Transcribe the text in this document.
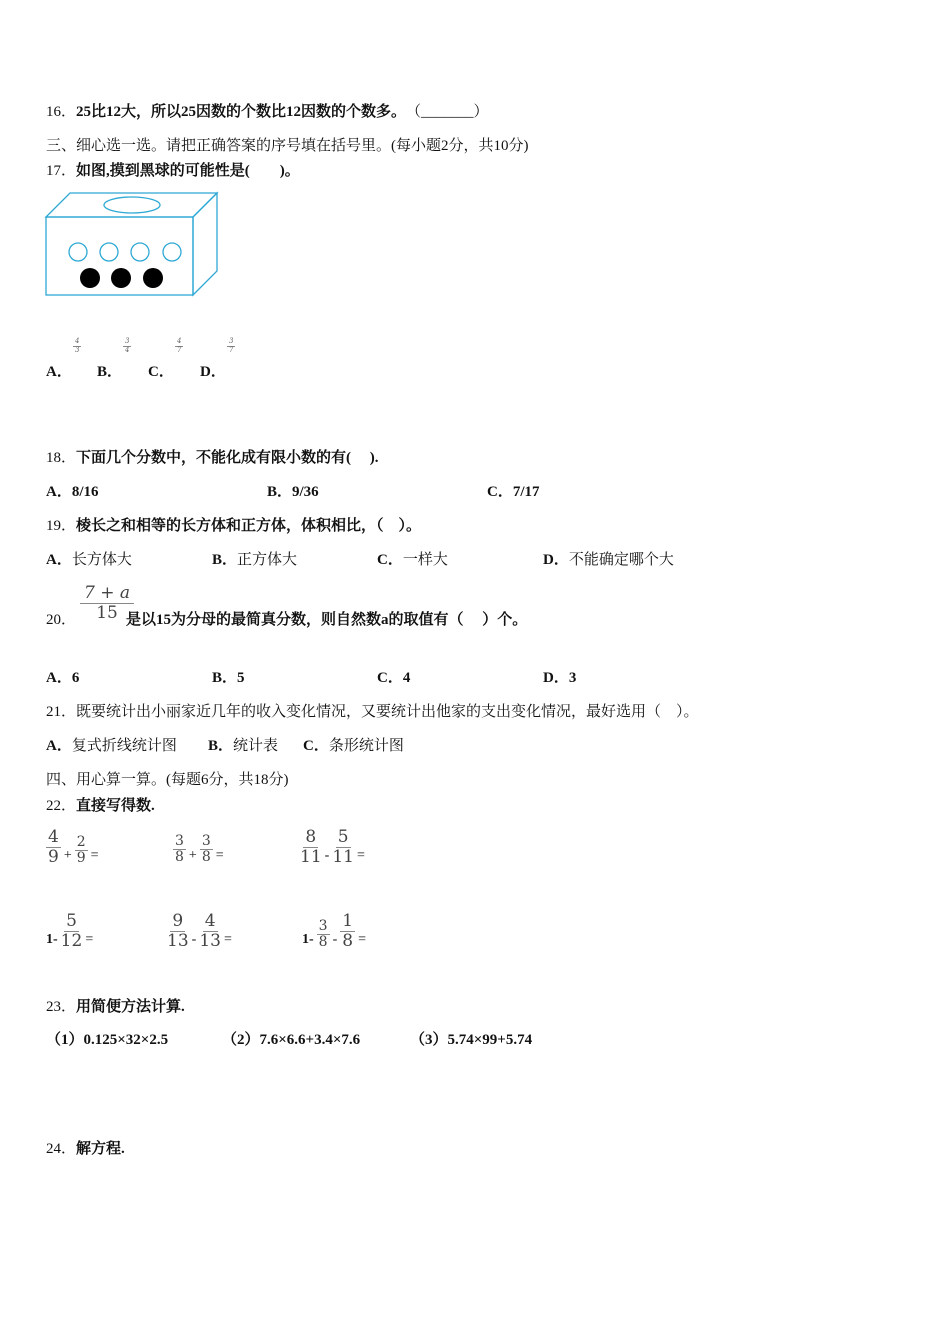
16．25比12大，所以25因数的个数比12因数的个数多。　 （_______）
三、细心选一选。请把正确答案的序号填在括号里。(每小题2分，共10分)
17．如图,摸到黑球的可能性是(　　)。
A． B． C． D．
$\frac{4}{3}$	$\frac{3}{4}$	$\frac{4}{7}$	$\frac{3}{7}$
18．下面几个分数中，不能化成有限小数的有(　 ).
A．8/16	B．9/36	C．7/17
19．棱长之和相等的长方体和正方体，体积相比，（　）。
A．长方体大	B．正方体大	C．一样大	D．不能确定哪个大
20． $\frac{7 + a}{15}$
是以15为分母的最简真分数，则自然数a的取值有（　 ）个。
A．6	B．5	C．4	D．3
21．既要统计出小丽家近几年的收入变化情况，又要统计出他家的支出变化情况，最好选用（　）。
A．复式折线统计图 B．统计表 C．条形统计图
四、用心算一算。(每题6分，共18分)
22．直接写得数.
$\frac{4}{9} + \frac{2}{9}$ =	$\frac{3}{8} + \frac{3}{8}$ =	$\frac{8}{11} - \frac{5}{11}$ =
$1- \frac{5}{12}$ =	$\frac{9}{13} - \frac{4}{13}$ =	$1- \frac{3}{8} - \frac{1}{8}$ =
23．用简便方法计算.
（1）0.125×32×2.5	（2）7.6×6.6+3.4×7.6	（3）5.74×99+5.74
24．解方程.
